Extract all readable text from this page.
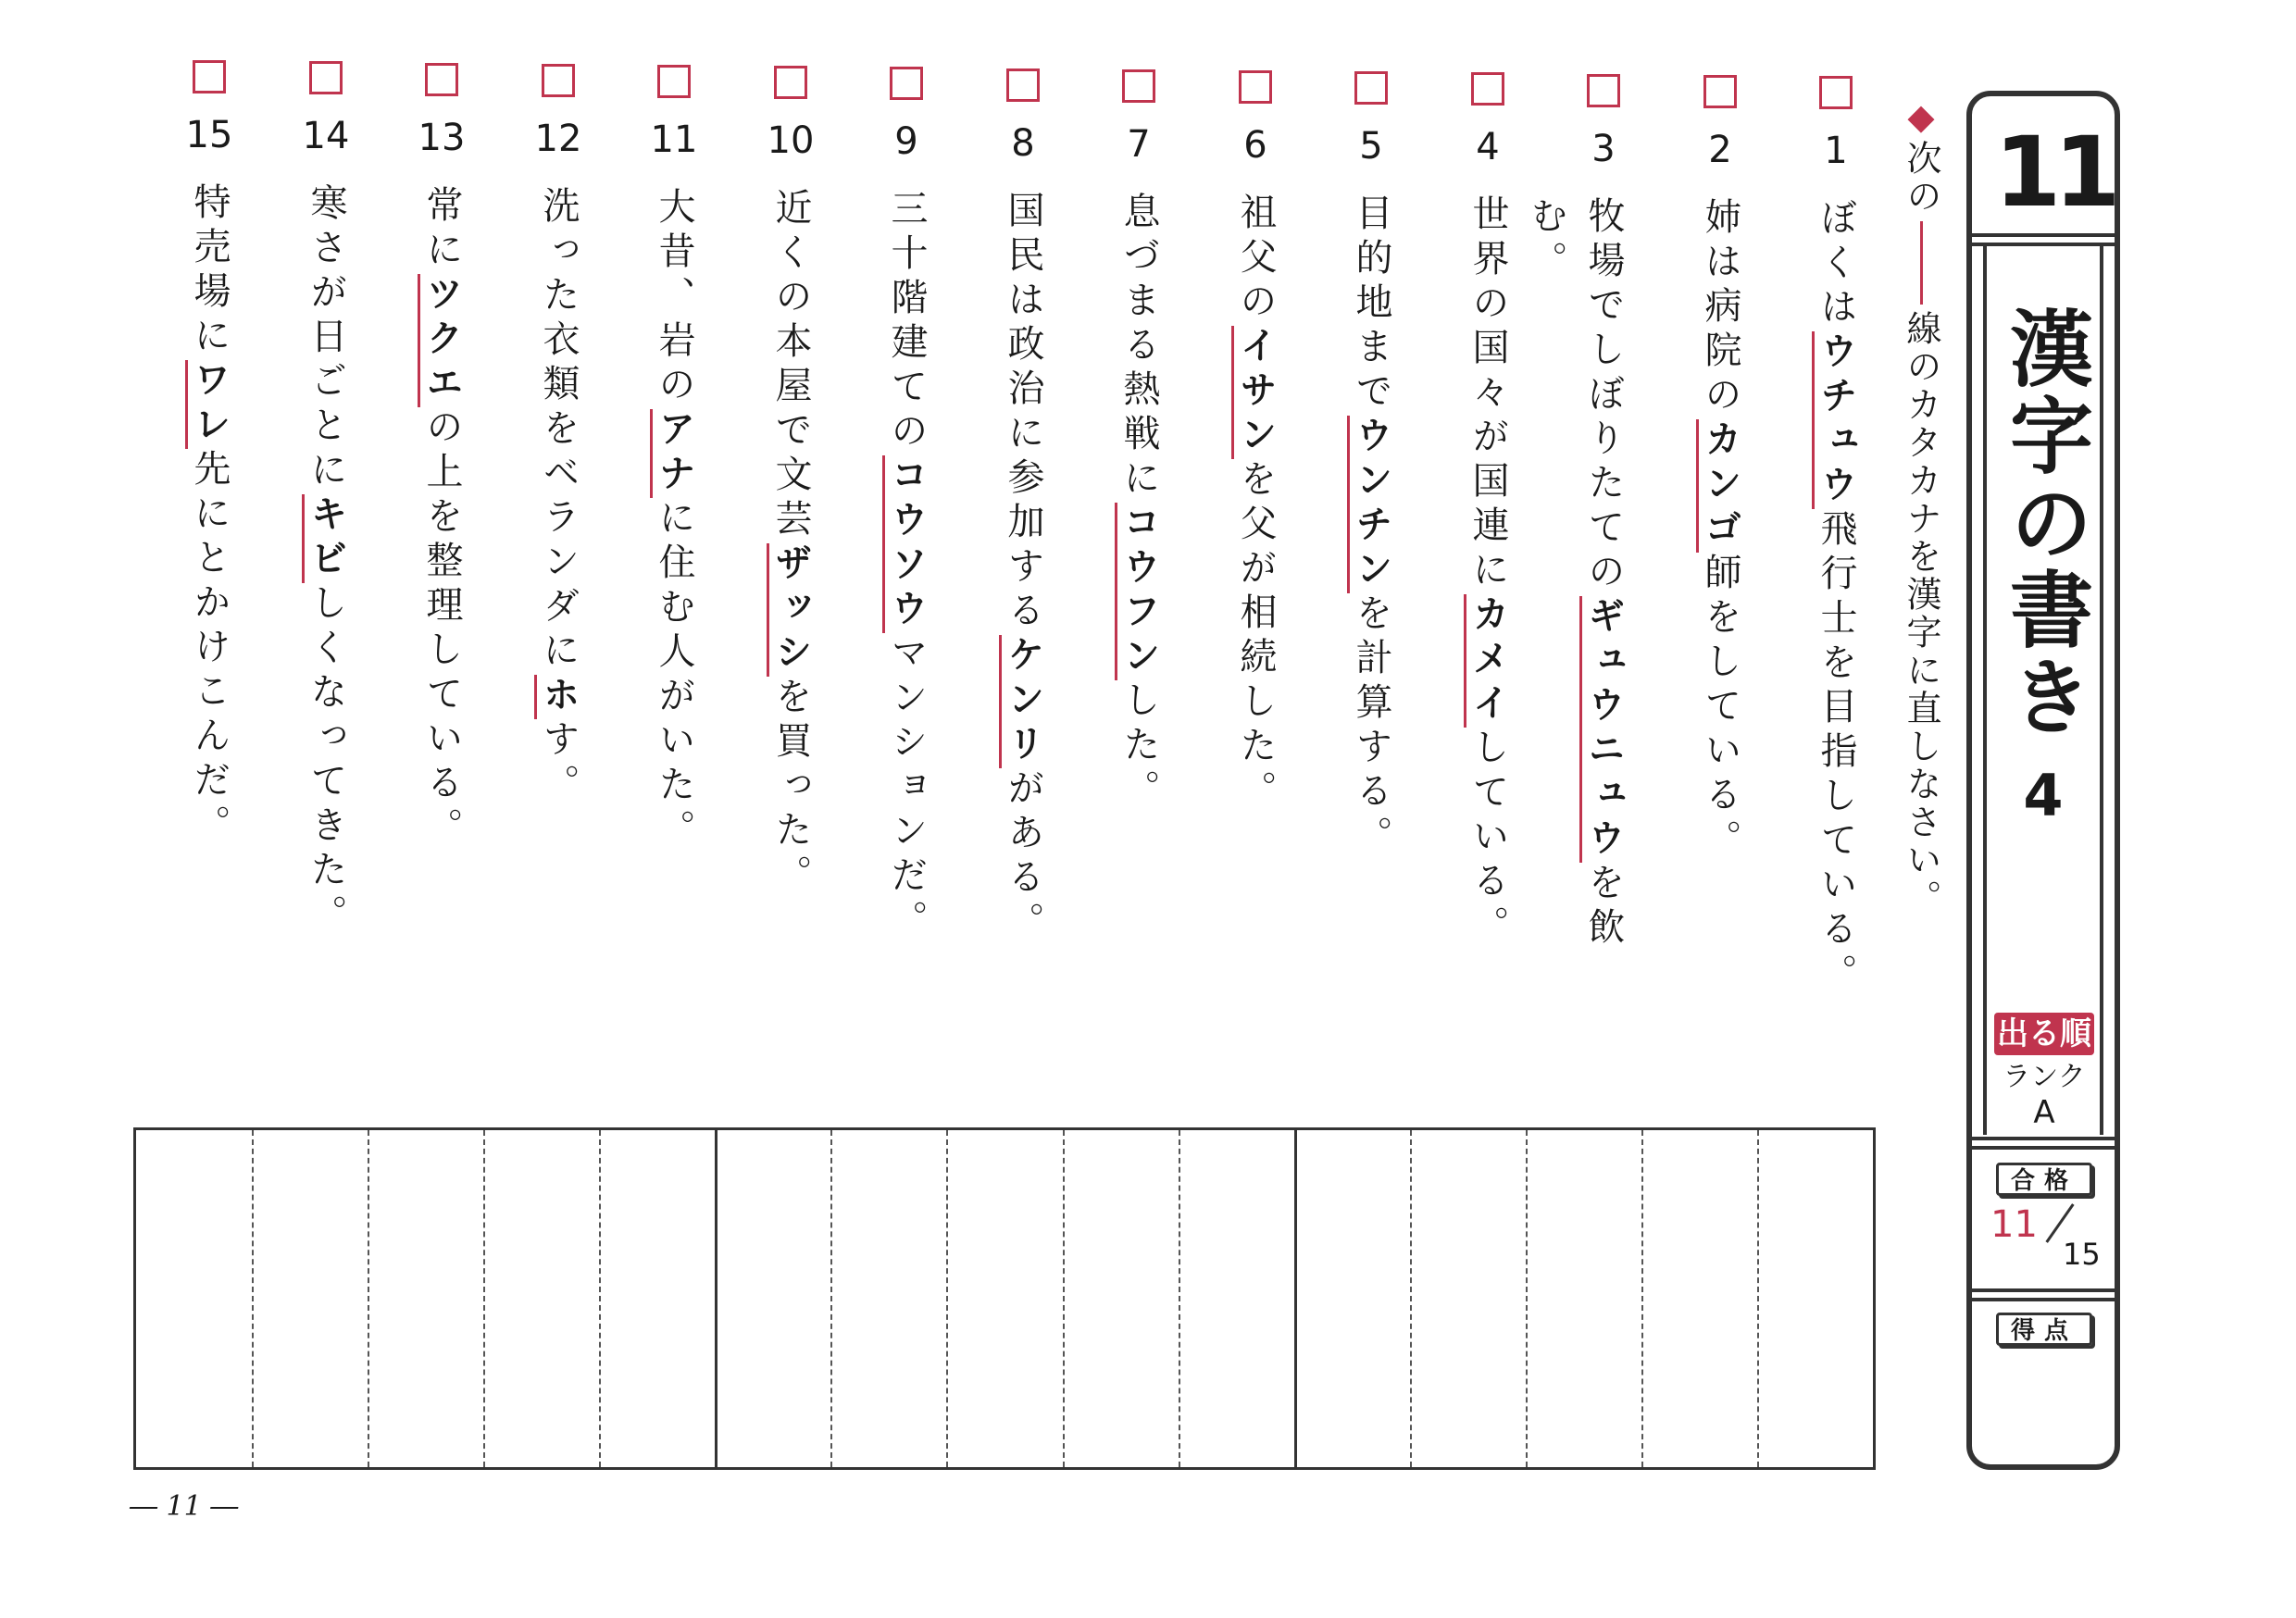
11
漢字の書き
4
出る順
ランク
A
合格
11
15
得点
◆次の線のカタカナを漢字に直しなさい。
1
ぼくはウチュウ飛行士を目指している。
2
姉は病院のカンゴ師をしている。
3
牧場でしぼりたてのギュウニュウを飲む。
4
世界の国々が国連にカメイしている。
5
目的地までウンチンを計算する。
6
祖父のイサンを父が相続した。
7
息づまる熱戦にコウフンした。
8
国民は政治に参加するケンリがある。
9
三十階建てのコウソウマンションだ。
10
近くの本屋で文芸ザッシを買った。
11
大昔、岩のアナに住む人がいた。
12
洗った衣類をベランダにホす。
13
常にツクエの上を整理している。
14
寒さが日ごとにキビしくなってきた。
15
特売場にワレ先にとかけこんだ。
― 11 ―
